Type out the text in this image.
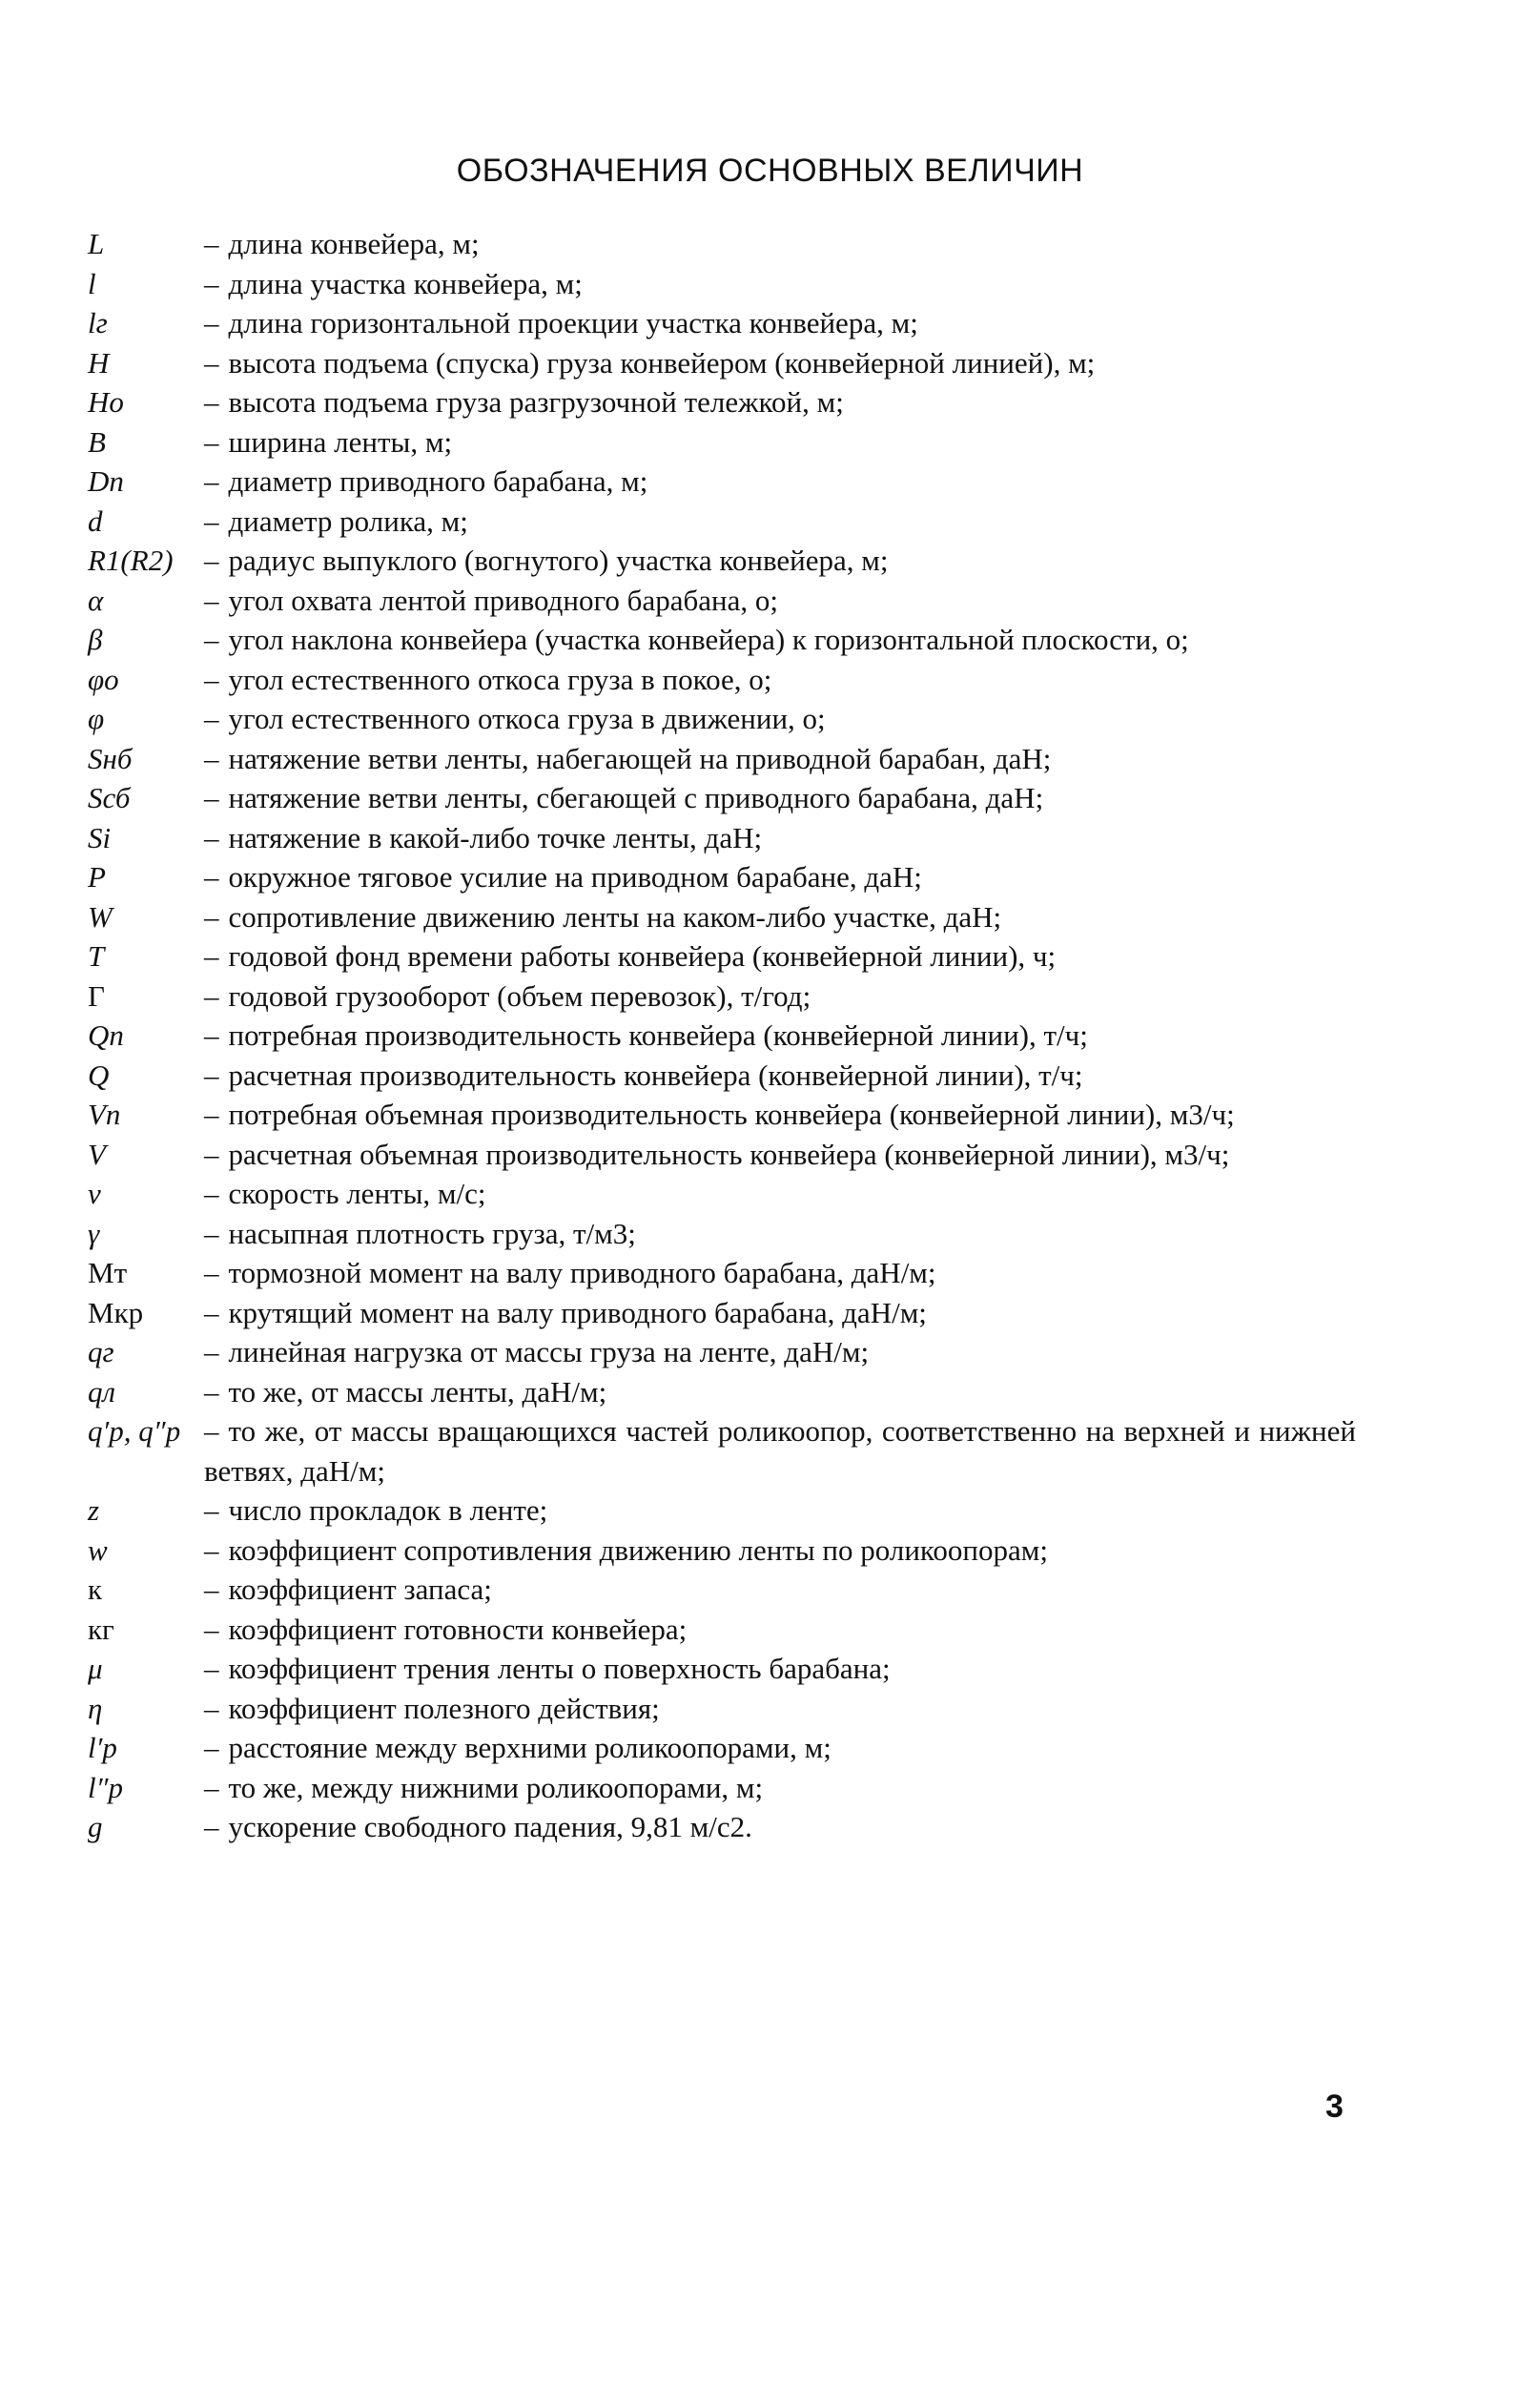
ОБОЗНАЧЕНИЯ ОСНОВНЫХ ВЕЛИЧИН
L	– длина конвейера, м;
l	– длина участка конвейера, м;
lг	– длина горизонтальной проекции участка конвейера, м;
H	– высота подъема (спуска) груза конвейером (конвейерной линией), м;
Hо	– высота подъема груза разгрузочной тележкой, м;
B	– ширина ленты, м;
Dп	– диаметр приводного барабана, м;
d	– диаметр ролика, м;
R1(R2)	– радиус выпуклого (вогнутого) участка конвейера, м;
α	– угол охвата лентой приводного барабана, о;
β	– угол наклона конвейера (участка конвейера) к горизонтальной плоскости, о;
φо	– угол естественного откоса груза в покое, о;
φ	– угол естественного откоса груза в движении, о;
Sнб	– натяжение ветви ленты, набегающей на приводной барабан, даН;
Sсб	– натяжение ветви ленты, сбегающей с приводного барабана, даН;
Si	– натяжение в какой-либо точке ленты, даН;
P	– окружное тяговое усилие на приводном барабане, даН;
W	– сопротивление движению ленты на каком-либо участке, даН;
T	– годовой фонд времени работы конвейера (конвейерной линии), ч;
Г	– годовой грузооборот (объем перевозок), т/год;
Qп	– потребная производительность конвейера (конвейерной линии), т/ч;
Q	– расчетная производительность конвейера (конвейерной линии), т/ч;
Vп	– потребная объемная производительность конвейера (конвейерной линии), м3/ч;
V	– расчетная объемная производительность конвейера (конвейерной линии), м3/ч;
v	– скорость ленты, м/с;
γ	– насыпная плотность груза, т/м3;
Мт	– тормозной момент на валу приводного барабана, даН/м;
Мкр	– крутящий момент на валу приводного барабана, даН/м;
qг	– линейная нагрузка от массы груза на ленте, даН/м;
qл	– то же, от массы ленты, даН/м;
q′р, q″р – то же, от массы вращающихся частей роликоопор, соответственно на верхней и нижней ветвях, даН/м;
z	– число прокладок в ленте;
w	– коэффициент сопротивления движению ленты по роликоопорам;
к	– коэффициент запаса;
кг	– коэффициент готовности конвейера;
μ	– коэффициент трения ленты о поверхность барабана;
η	– коэффициент полезного действия;
l′р	– расстояние между верхними роликоопорами, м;
l″р	– то же, между нижними роликоопорами, м;
g	– ускорение свободного падения, 9,81 м/с2.
3
